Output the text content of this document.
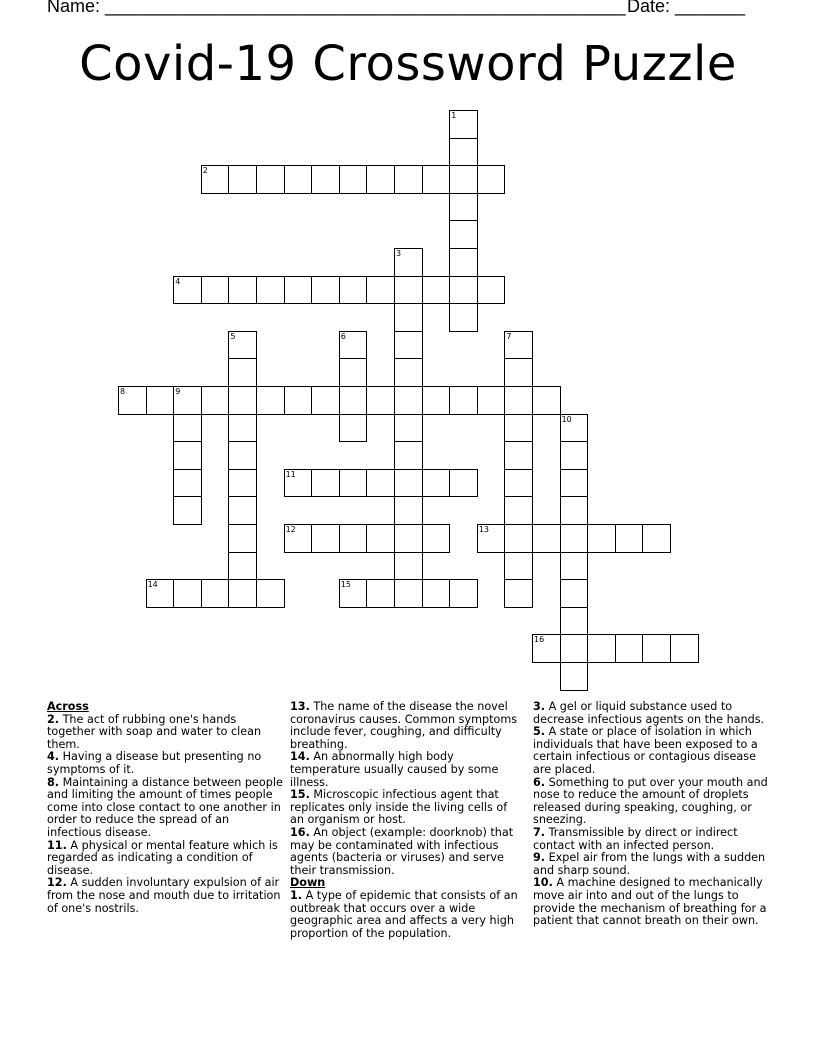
Name: ____________________________________________________ Date: _______
Covid-19 Crossword Puzzle
1
2
3
4
5	6	7
8	9
10
11
12	13
14	15
16

Across

2. The act of rubbing one's hands together with soap and water to clean them.

4. Having a disease but presenting no symptoms of it.

8. Maintaining a distance between people and limiting the amount of times people come into close contact to one another in order to reduce the spread of an infectious disease.

11. A physical or mental feature which is regarded as indicating a condition of disease.

12. A sudden involuntary expulsion of air from the nose and mouth due to irritation of one's nostrils.

13. The name of the disease the novel coronavirus causes. Common symptoms include fever, coughing, and difficulty breathing.

14. An abnormally high body temperature usually caused by some illness.

15. Microscopic infectious agent that replicates only inside the living cells of an organism or host.

16. An object (example: doorknob) that may be contaminated with infectious agents (bacteria or viruses) and serve their transmission.

Down

1. A type of epidemic that consists of an outbreak that occurs over a wide geographic area and affects a very high proportion of the population.

3. A gel or liquid substance used to decrease infectious agents on the hands.

5. A state or place of isolation in which individuals that have been exposed to a certain infectious or contagious disease are placed.

6. Something to put over your mouth and nose to reduce the amount of droplets released during speaking, coughing, or sneezing.

7. Transmissible by direct or indirect contact with an infected person.

9. Expel air from the lungs with a sudden and sharp sound.

10. A machine designed to mechanically move air into and out of the lungs to provide the mechanism of breathing for a patient that cannot breath on their own.
